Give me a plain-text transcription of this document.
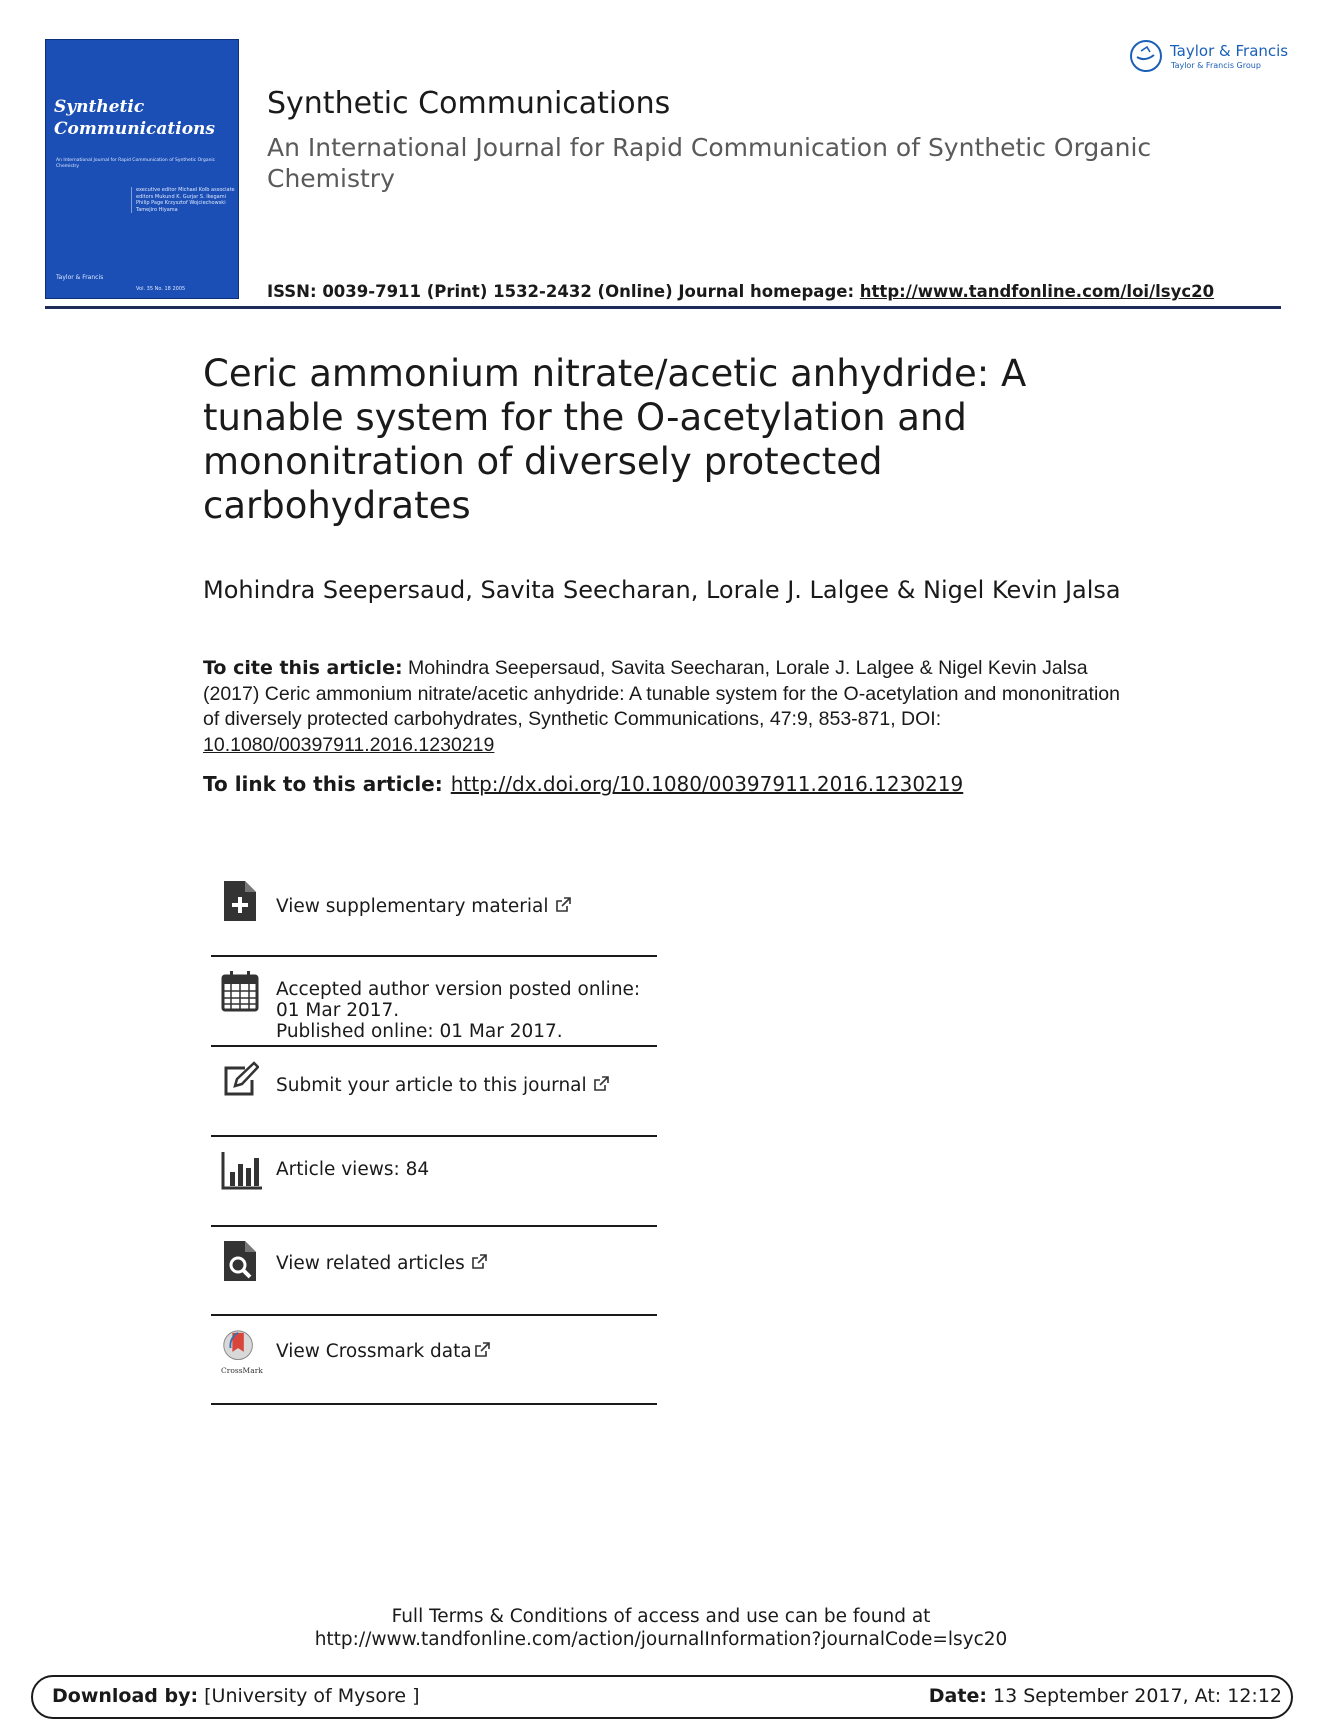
Synthetic
Communications
An International Journal for Rapid Communication of Synthetic Organic Chemistry
executive editor Michael Kolb associate editors Mukund K. Gurjar S. Ikegami Philip Page Krzysztof Wojciechowski Tamejiro Hiyama
Taylor & Francis
Vol. 35 No. 18 2005
Taylor & Francis
Taylor & Francis Group
Synthetic Communications
An International Journal for Rapid Communication of Synthetic Organic Chemistry
ISSN: 0039-7911 (Print) 1532-2432 (Online) Journal homepage: http://www.tandfonline.com/loi/lsyc20
Ceric ammonium nitrate/acetic anhydride: A tunable system for the O-acetylation and mononitration of diversely protected carbohydrates
Mohindra Seepersaud, Savita Seecharan, Lorale J. Lalgee & Nigel Kevin Jalsa
To cite this article: Mohindra Seepersaud, Savita Seecharan, Lorale J. Lalgee & Nigel Kevin Jalsa (2017) Ceric ammonium nitrate/acetic anhydride: A tunable system for the O-acetylation and mononitration of diversely protected carbohydrates, Synthetic Communications, 47:9, 853-871, DOI: 10.1080/00397911.2016.1230219
To link to this article: http://dx.doi.org/10.1080/00397911.2016.1230219
View supplementary material
Accepted author version posted online: 01 Mar 2017.
Published online: 01 Mar 2017.
Submit your article to this journal
Article views: 84
View related articles
CrossMark
View Crossmark data
Full Terms & Conditions of access and use can be found at
http://www.tandfonline.com/action/journalInformation?journalCode=lsyc20
Download by: [University of Mysore ]	Date: 13 September 2017, At: 12:12
